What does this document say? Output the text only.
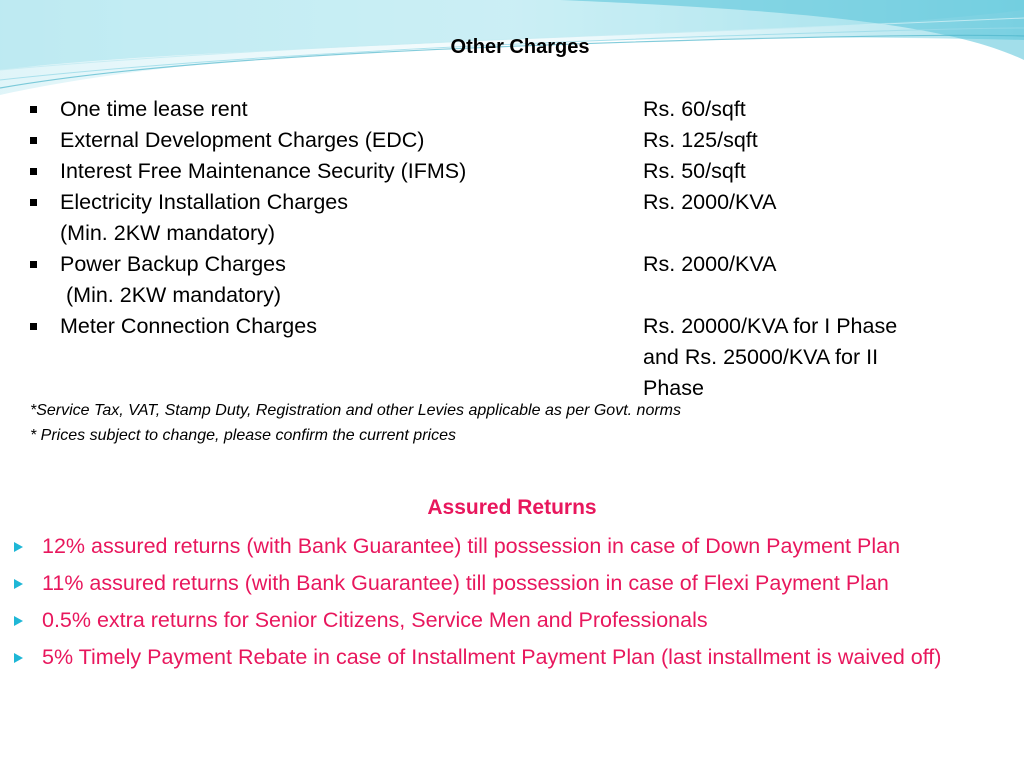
Other Charges
One time lease rent	Rs. 60/sqft
External Development Charges (EDC)	Rs. 125/sqft
Interest Free Maintenance Security (IFMS)	Rs. 50/sqft
Electricity Installation Charges	Rs. 2000/KVA
(Min. 2KW mandatory)
Power Backup Charges	Rs. 2000/KVA
(Min. 2KW mandatory)
Meter Connection Charges	Rs. 20000/KVA for I Phase
and Rs. 25000/KVA for II
Phase
*Service Tax, VAT, Stamp Duty, Registration and other Levies applicable as per Govt. norms
* Prices subject to change, please confirm the current prices
Assured Returns
12% assured returns (with Bank Guarantee) till possession in case of Down Payment Plan
11% assured returns (with Bank Guarantee) till possession in case of Flexi Payment Plan
0.5% extra returns for Senior Citizens, Service Men and Professionals
5% Timely Payment Rebate in case of Installment Payment Plan (last installment is waived off)
